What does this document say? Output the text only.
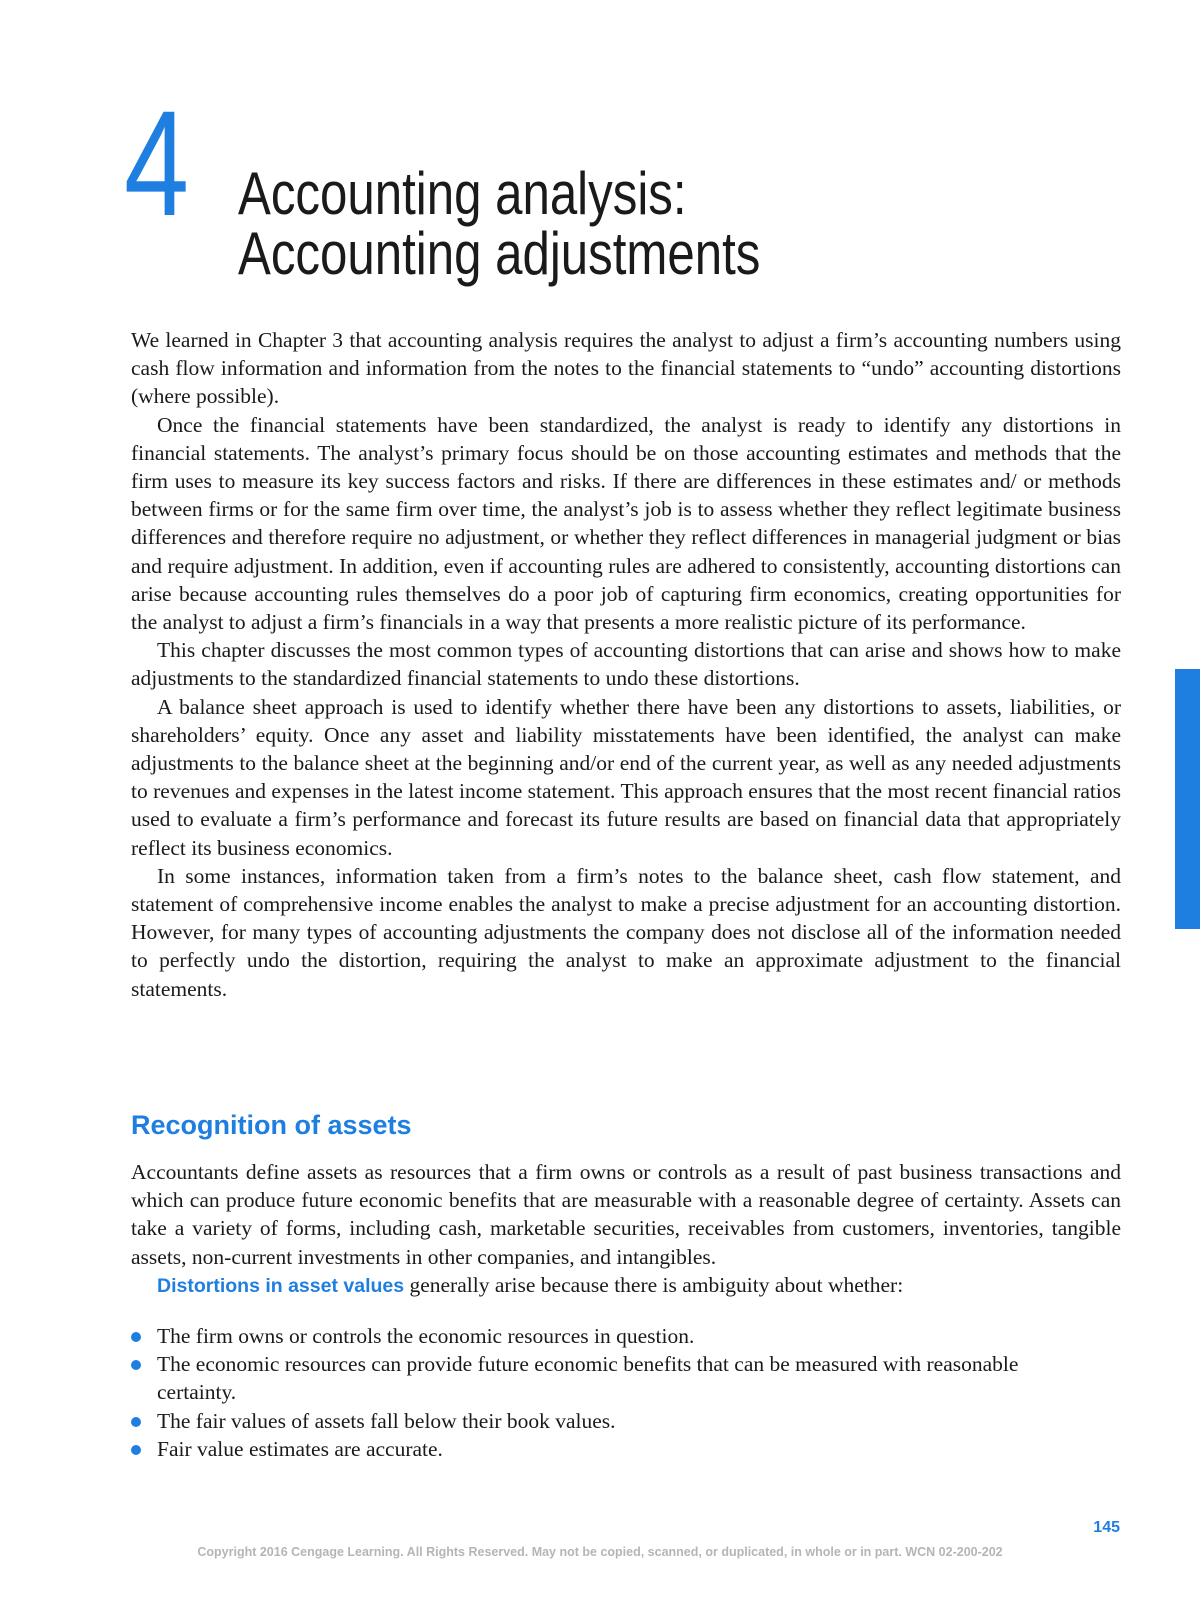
4 Accounting analysis:
Accounting adjustments

We learned in Chapter 3 that accounting analysis requires the analyst to adjust a firm’s accounting numbers using cash flow information and information from the notes to the financial statements to “undo” accounting distortions (where possible).

Once the financial statements have been standardized, the analyst is ready to identify any distortions in financial statements. The analyst’s primary focus should be on those accounting estimates and methods that the firm uses to measure its key success factors and risks. If there are differences in these estimates and/ or methods between firms or for the same firm over time, the analyst’s job is to assess whether they reflect legitimate business differences and therefore require no adjustment, or whether they reflect differences in managerial judgment or bias and require adjustment. In addition, even if accounting rules are adhered to consistently, accounting distortions can arise because accounting rules themselves do a poor job of capturing firm economics, creating opportunities for the analyst to adjust a firm’s financials in a way that presents a more realistic picture of its performance.

This chapter discusses the most common types of accounting distortions that can arise and shows how to make adjustments to the standardized financial statements to undo these distortions.

A balance sheet approach is used to identify whether there have been any distortions to assets, liabilities, or shareholders’ equity. Once any asset and liability misstatements have been identified, the analyst can make adjustments to the balance sheet at the beginning and/or end of the current year, as well as any needed adjustments to revenues and expenses in the latest income statement. This approach ensures that the most recent financial ratios used to evaluate a firm’s performance and forecast its future results are based on financial data that appropriately reflect its business economics.

In some instances, information taken from a firm’s notes to the balance sheet, cash flow statement, and statement of comprehensive income enables the analyst to make a precise adjustment for an accounting distortion. However, for many types of accounting adjustments the company does not disclose all of the information needed to perfectly undo the distortion, requiring the analyst to make an approximate adjustment to the financial statements.

Recognition of assets

Accountants define assets as resources that a firm owns or controls as a result of past business transactions and which can produce future economic benefits that are measurable with a reasonable degree of certainty. Assets can take a variety of forms, including cash, marketable securities, receivables from customers, inventories, tangible assets, non-current investments in other companies, and intangibles.

Distortions in asset values generally arise because there is ambiguity about whether:

The firm owns or controls the economic resources in question.
The economic resources can provide future economic benefits that can be measured with reasonable certainty.
The fair values of assets fall below their book values.
Fair value estimates are accurate.
145
Copyright 2016 Cengage Learning. All Rights Reserved. May not be copied, scanned, or duplicated, in whole or in part. WCN 02-200-202
